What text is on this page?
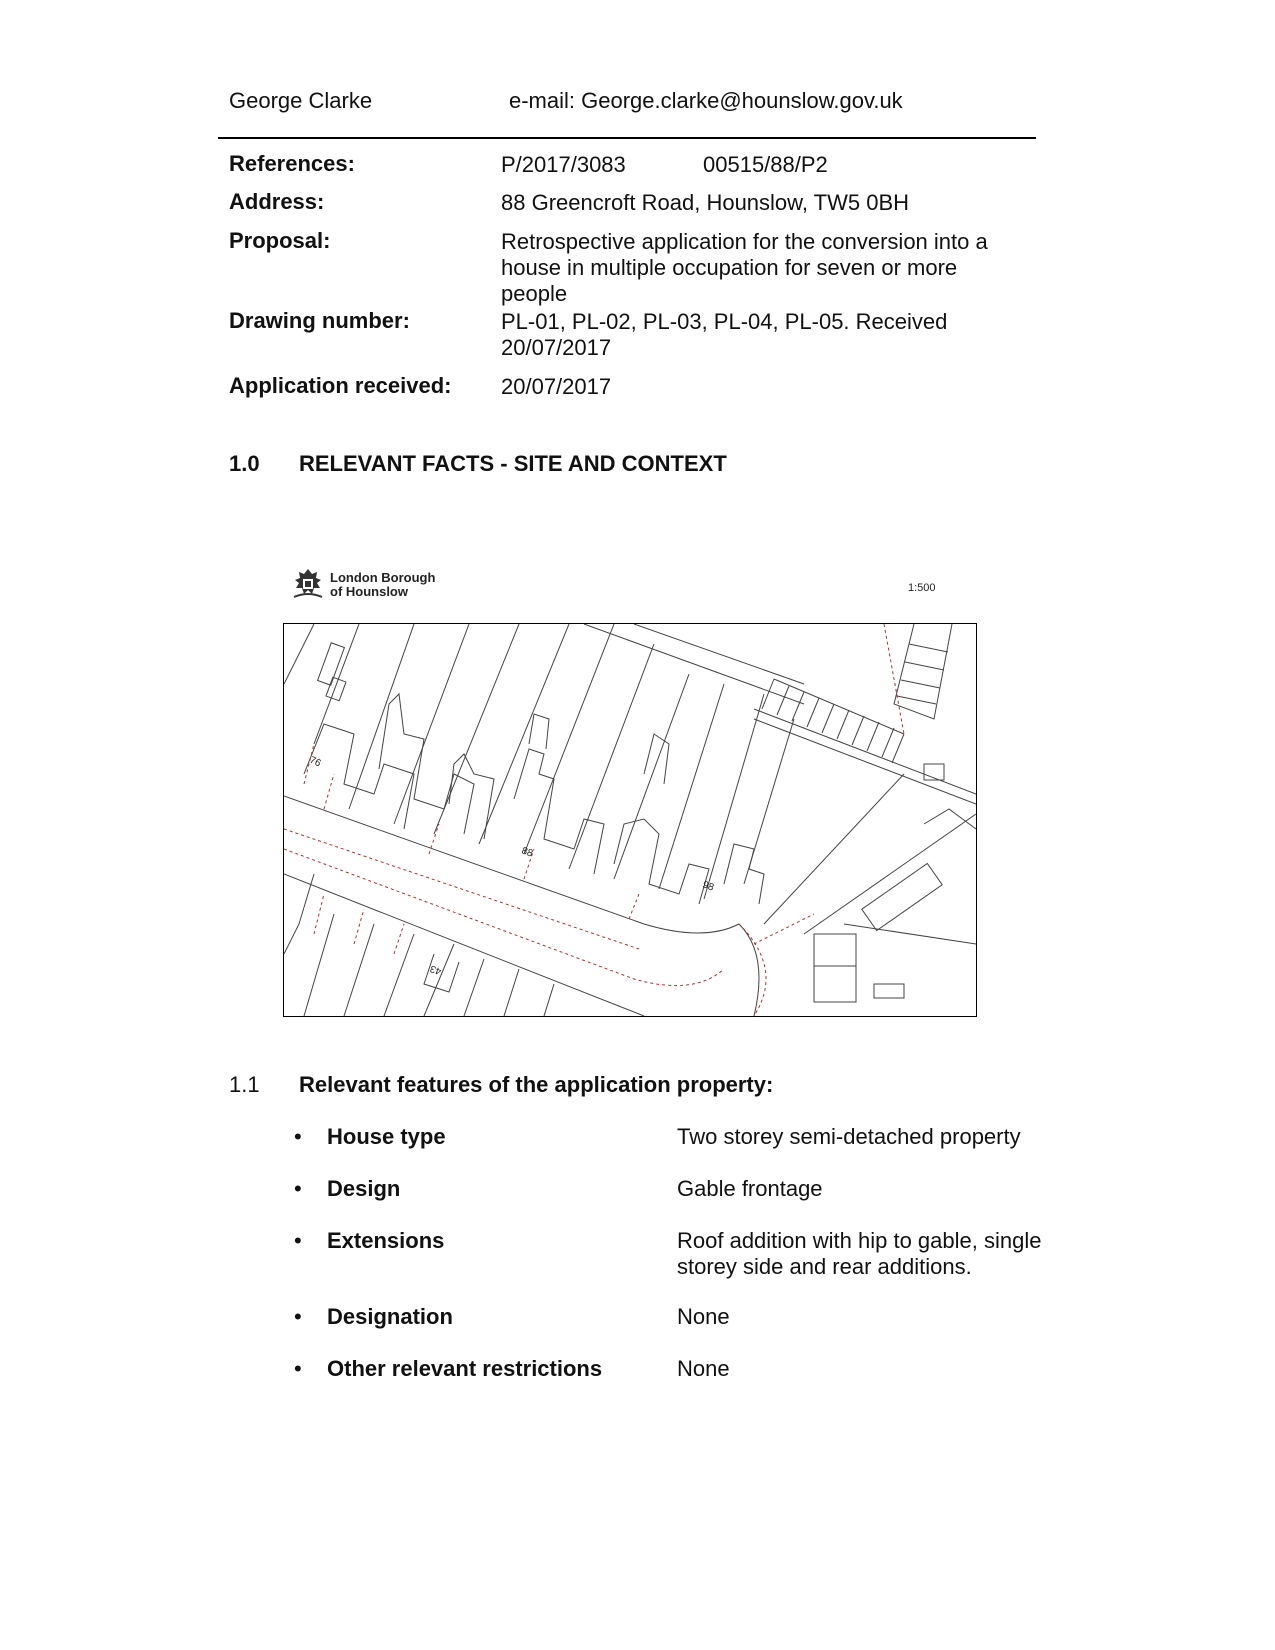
George Clarke	e-mail: George.clarke@hounslow.gov.uk
References:	P/2017/3083	00515/88/P2
Address:	88 Greencroft Road, Hounslow, TW5 0BH
Proposal:	Retrospective application for the conversion into a
house in multiple occupation for seven or more
people
Drawing number:	PL-01, PL-02, PL-03, PL-04, PL-05. Received
20/07/2017
Application received: 20/07/2017
1.0 RELEVANT FACTS - SITE AND CONTEXT
London Borough
of Hounslow	1:500
76
88
98
43
1.1 Relevant features of the application property:
• House type	Two storey semi-detached property
• Design	Gable frontage
• Extensions	Roof addition with hip to gable, single
storey side and rear additions.
• Designation	None
• Other relevant restrictions	None
